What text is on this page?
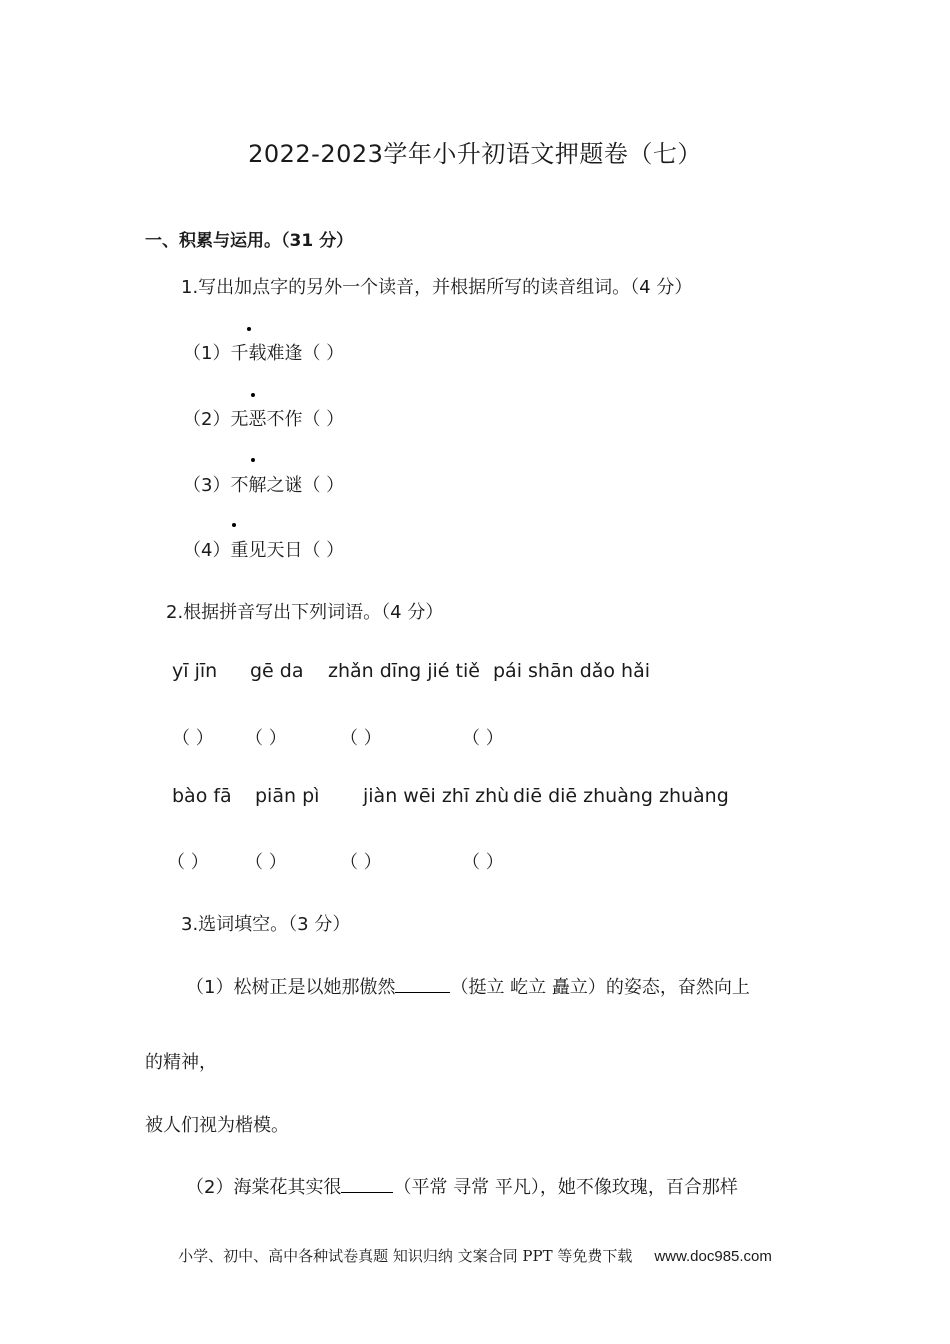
2022-2023学年小升初语文押题卷（七）
一、积累与运用。（31 分）
1.写出加点字的另外一个读音，并根据所写的读音组词。（4 分）
（1）千载难逢（ ）
（2）无恶不作（ ）
（3）不解之谜（ ）
（4）重见天日（ ）
2.根据拼音写出下列词语。（4 分）
yī jīn gē da zhǎn dīng jié tiě pái shān dǎo hǎi
（ ） （ ）	（ ）	（ ）
bào fā piān pì jiàn wēi zhī zhù diē diē zhuàng zhuàng
（ ） （ ）	（ ）	（ ）
3.选词填空。（3 分）
（1）松树正是以她那傲然	（挺立 屹立 矗立）的姿态，奋然向上
的精神，
被人们视为楷模。
（2）海棠花其实很	（平常 寻常 平凡），她不像玫瑰，百合那样
小学、初中、高中各种试卷真题 知识归纳 文案合同 PPT 等免费下载 www.doc985.com
